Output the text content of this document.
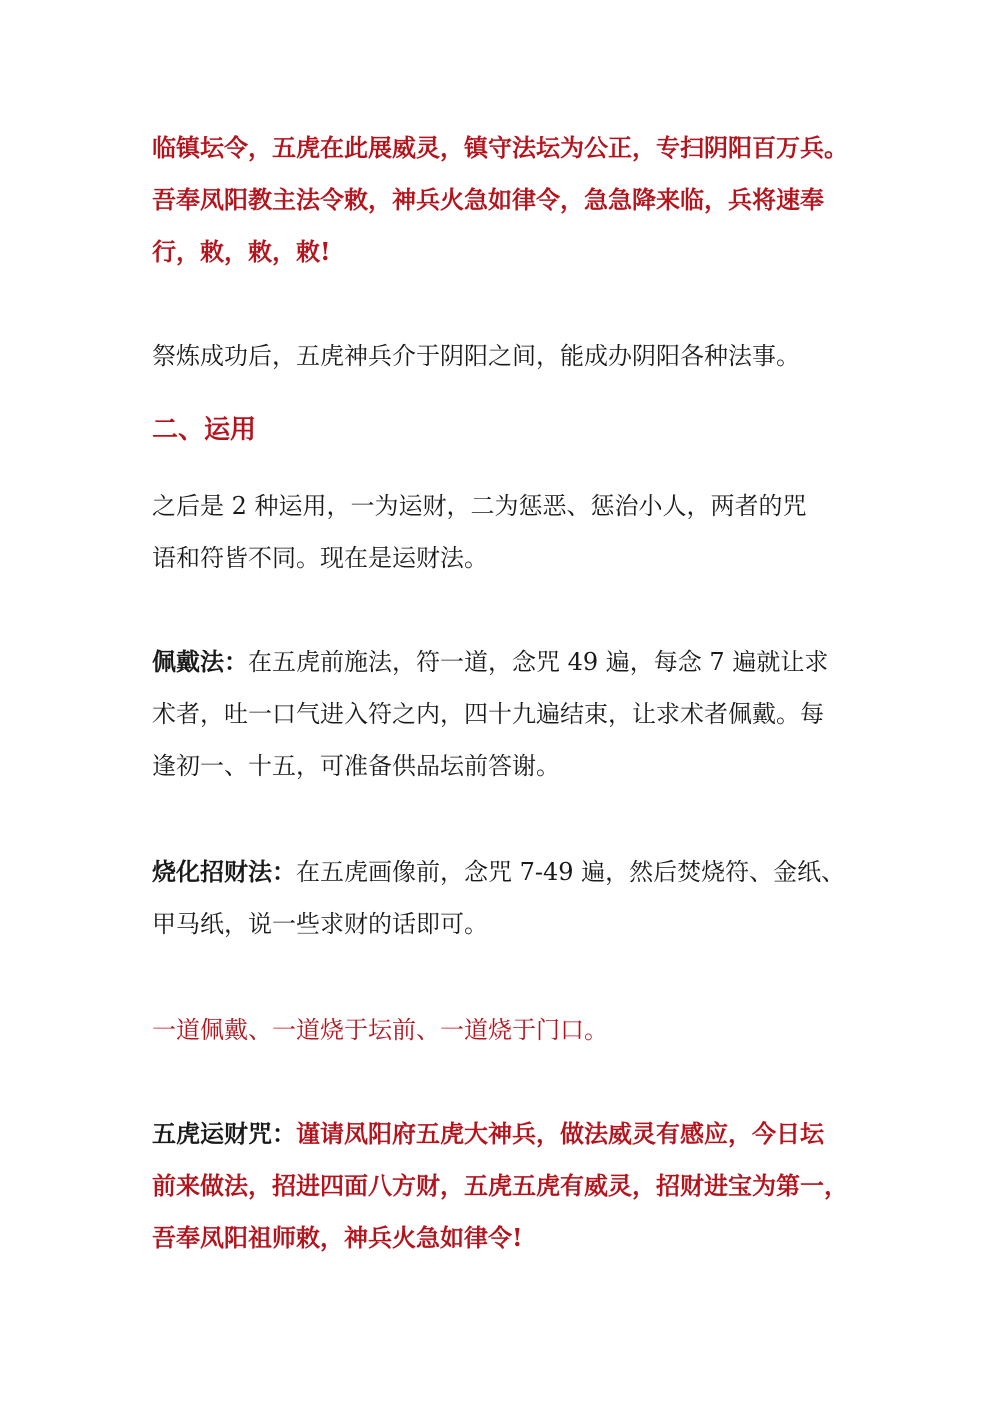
临镇坛令，五虎在此展威灵，镇守法坛为公正，专扫阴阳百万兵。
吾奉凤阳教主法令敕，神兵火急如律令，急急降来临，兵将速奉
行，敕，敕，敕!
祭炼成功后，五虎神兵介于阴阳之间，能成办阴阳各种法事。
二、运用
之后是 2 种运用，一为运财，二为惩恶、惩治小人，两者的咒
语和符皆不同。现在是运财法。
佩戴法：在五虎前施法，符一道，念咒 49 遍，每念 7 遍就让求
术者，吐一口气进入符之内，四十九遍结束，让求术者佩戴。每
逢初一、十五，可准备供品坛前答谢。
烧化招财法：在五虎画像前，念咒 7-49 遍，然后焚烧符、金纸、
甲马纸，说一些求财的话即可。
一道佩戴、一道烧于坛前、一道烧于门口。
五虎运财咒：谨请凤阳府五虎大神兵，做法威灵有感应，今日坛
前来做法，招进四面八方财，五虎五虎有威灵，招财进宝为第一，
吾奉凤阳祖师敕，神兵火急如律令!
